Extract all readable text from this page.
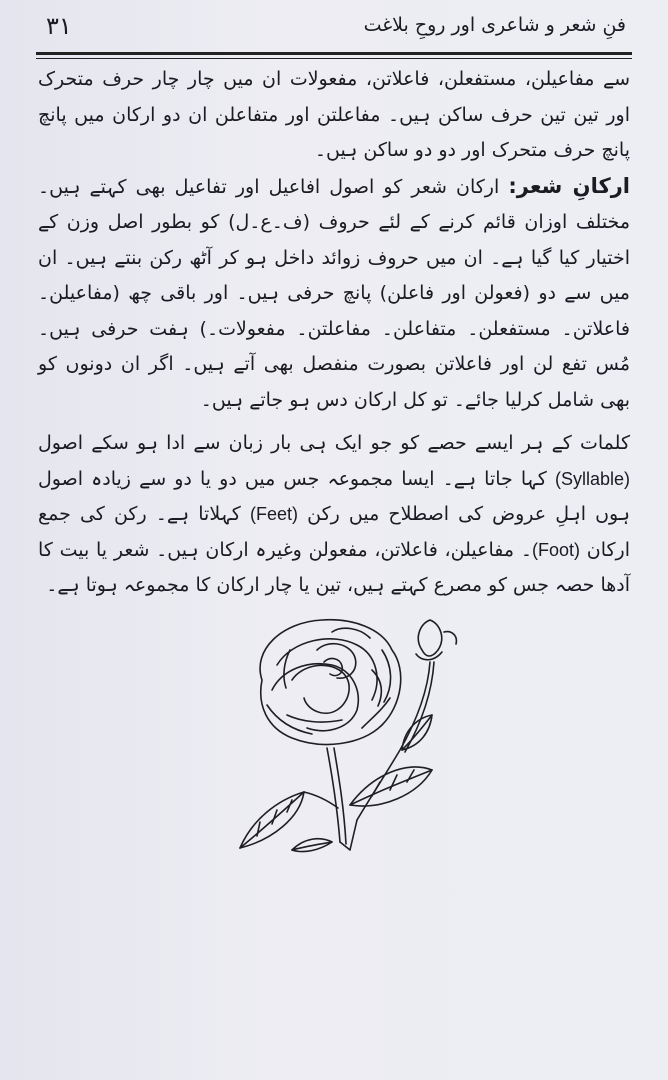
۳۱	فنِ شعر و شاعری اور روحِ بلاغت

سے مفاعیلن، مستفعلن، فاعلاتن، مفعولات ان میں چار چار حرف متحرک اور تین تین حرف ساکن ہیں۔ مفاعلتن اور متفاعلن ان دو ارکان میں پانچ پانچ حرف متحرک اور دو دو ساکن ہیں۔

ارکانِ شعر: ارکان شعر کو اصول افاعیل اور تفاعیل بھی کہتے ہیں۔ مختلف اوزان قائم کرنے کے لئے حروف (ف۔ع۔ل) کو بطور اصل وزن کے اختیار کیا گیا ہے۔ ان میں حروف زوائد داخل ہو کر آٹھ رکن بنتے ہیں۔ ان میں سے دو (فعولن اور فاعلن) پانچ حرفی ہیں۔ اور باقی چھ (مفاعیلن۔ فاعلاتن۔ مستفعلن۔ متفاعلن۔ مفاعلتن۔ مفعولات۔) ہفت حرفی ہیں۔ مُس تفع لن اور فاعلاتن بصورت منفصل بھی آتے ہیں۔ اگر ان دونوں کو بھی شامل کرلیا جائے۔ تو کل ارکان دس ہو جاتے ہیں۔

کلمات کے ہر ایسے حصے کو جو ایک ہی بار زبان سے ادا ہو سکے اصول (Syllable) کہا جاتا ہے۔ ایسا مجموعہ جس میں دو یا دو سے زیادہ اصول ہوں اہلِ عروض کی اصطلاح میں رکن (Feet) کہلاتا ہے۔ رکن کی جمع ارکان (Foot)۔ مفاعیلن، فاعلاتن، مفعولن وغیرہ ارکان ہیں۔ شعر یا بیت کا آدھا حصہ جس کو مصرع کہتے ہیں، تین یا چار ارکان کا مجموعہ ہوتا ہے۔
